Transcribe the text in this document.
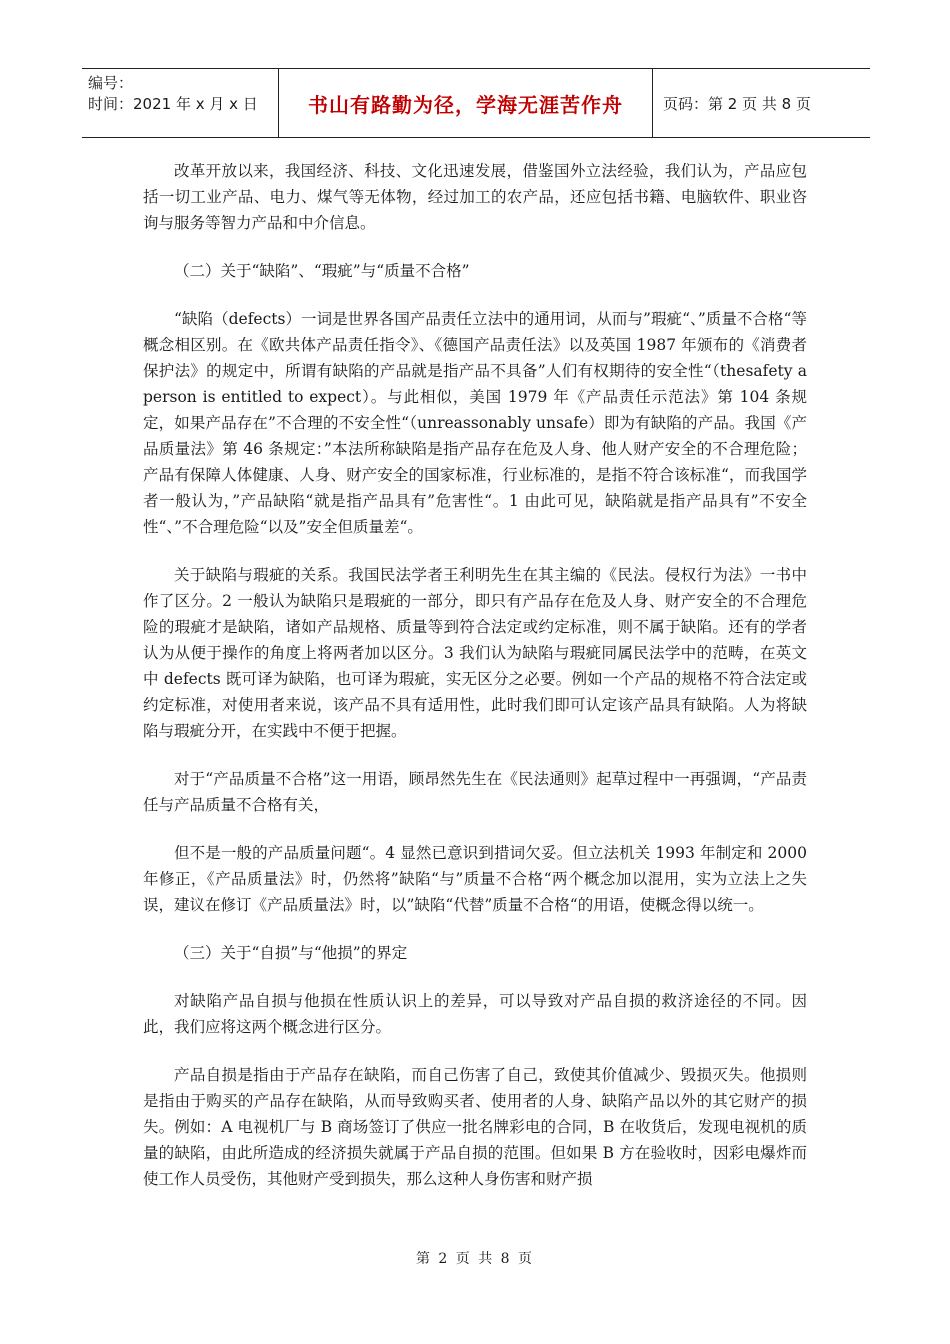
编号：
时间：2021 年 x 月 x 日	书山有路勤为径，学海无涯苦作舟	页码：第 2 页 共 8 页

改革开放以来，我国经济、科技、文化迅速发展，借鉴国外立法经验，我们认为，产品应包括一切工业产品、电力、煤气等无体物，经过加工的农产品，还应包括书籍、电脑软件、职业咨询与服务等智力产品和中介信息。

（二）关于“缺陷”、“瑕疵”与“质量不合格”

“缺陷（defects）一词是世界各国产品责任立法中的通用词，从而与”瑕疵“、”质量不合格“等概念相区别。在《欧共体产品责任指令》、《德国产品责任法》以及英国 1987 年颁布的《消费者保护法》的规定中，所谓有缺陷的产品就是指产品不具备”人们有权期待的安全性“（thesafety a person is entitled to expect）。与此相似，美国 1979 年《产品责任示范法》第 104 条规定，如果产品存在”不合理的不安全性“（unreassonably unsafe）即为有缺陷的产品。我国《产品质量法》第 46 条规定：”本法所称缺陷是指产品存在危及人身、他人财产安全的不合理危险；产品有保障人体健康、人身、财产安全的国家标准，行业标准的，是指不符合该标准“，而我国学者一般认为，”产品缺陷“就是指产品具有”危害性“。1 由此可见，缺陷就是指产品具有”不安全性“、”不合理危险“以及”安全但质量差“。

关于缺陷与瑕疵的关系。我国民法学者王利明先生在其主编的《民法。侵权行为法》一书中作了区分。2 一般认为缺陷只是瑕疵的一部分，即只有产品存在危及人身、财产安全的不合理危险的瑕疵才是缺陷，诸如产品规格、质量等到符合法定或约定标准，则不属于缺陷。还有的学者认为从便于操作的角度上将两者加以区分。3 我们认为缺陷与瑕疵同属民法学中的范畴，在英文中 defects 既可译为缺陷，也可译为瑕疵，实无区分之必要。例如一个产品的规格不符合法定或约定标准，对使用者来说，该产品不具有适用性，此时我们即可认定该产品具有缺陷。人为将缺陷与瑕疵分开，在实践中不便于把握。

对于“产品质量不合格”这一用语，顾昂然先生在《民法通则》起草过程中一再强调，“产品责任与产品质量不合格有关，

但不是一般的产品质量问题“。4 显然已意识到措词欠妥。但立法机关 1993 年制定和 2000 年修正，《产品质量法》时，仍然将”缺陷“与”质量不合格“两个概念加以混用，实为立法上之失误，建议在修订《产品质量法》时，以”缺陷“代替”质量不合格“的用语，使概念得以统一。

（三）关于“自损”与“他损”的界定

对缺陷产品自损与他损在性质认识上的差异，可以导致对产品自损的救济途径的不同。因此，我们应将这两个概念进行区分。

产品自损是指由于产品存在缺陷，而自己伤害了自己，致使其价值减少、毁损灭失。他损则是指由于购买的产品存在缺陷，从而导致购买者、使用者的人身、缺陷产品以外的其它财产的损失。例如：A 电视机厂与 B 商场签订了供应一批名牌彩电的合同，B 在收货后，发现电视机的质量的缺陷，由此所造成的经济损失就属于产品自损的范围。但如果 B 方在验收时，因彩电爆炸而使工作人员受伤，其他财产受到损失，那么这种人身伤害和财产损

第 2 页 共 8 页
